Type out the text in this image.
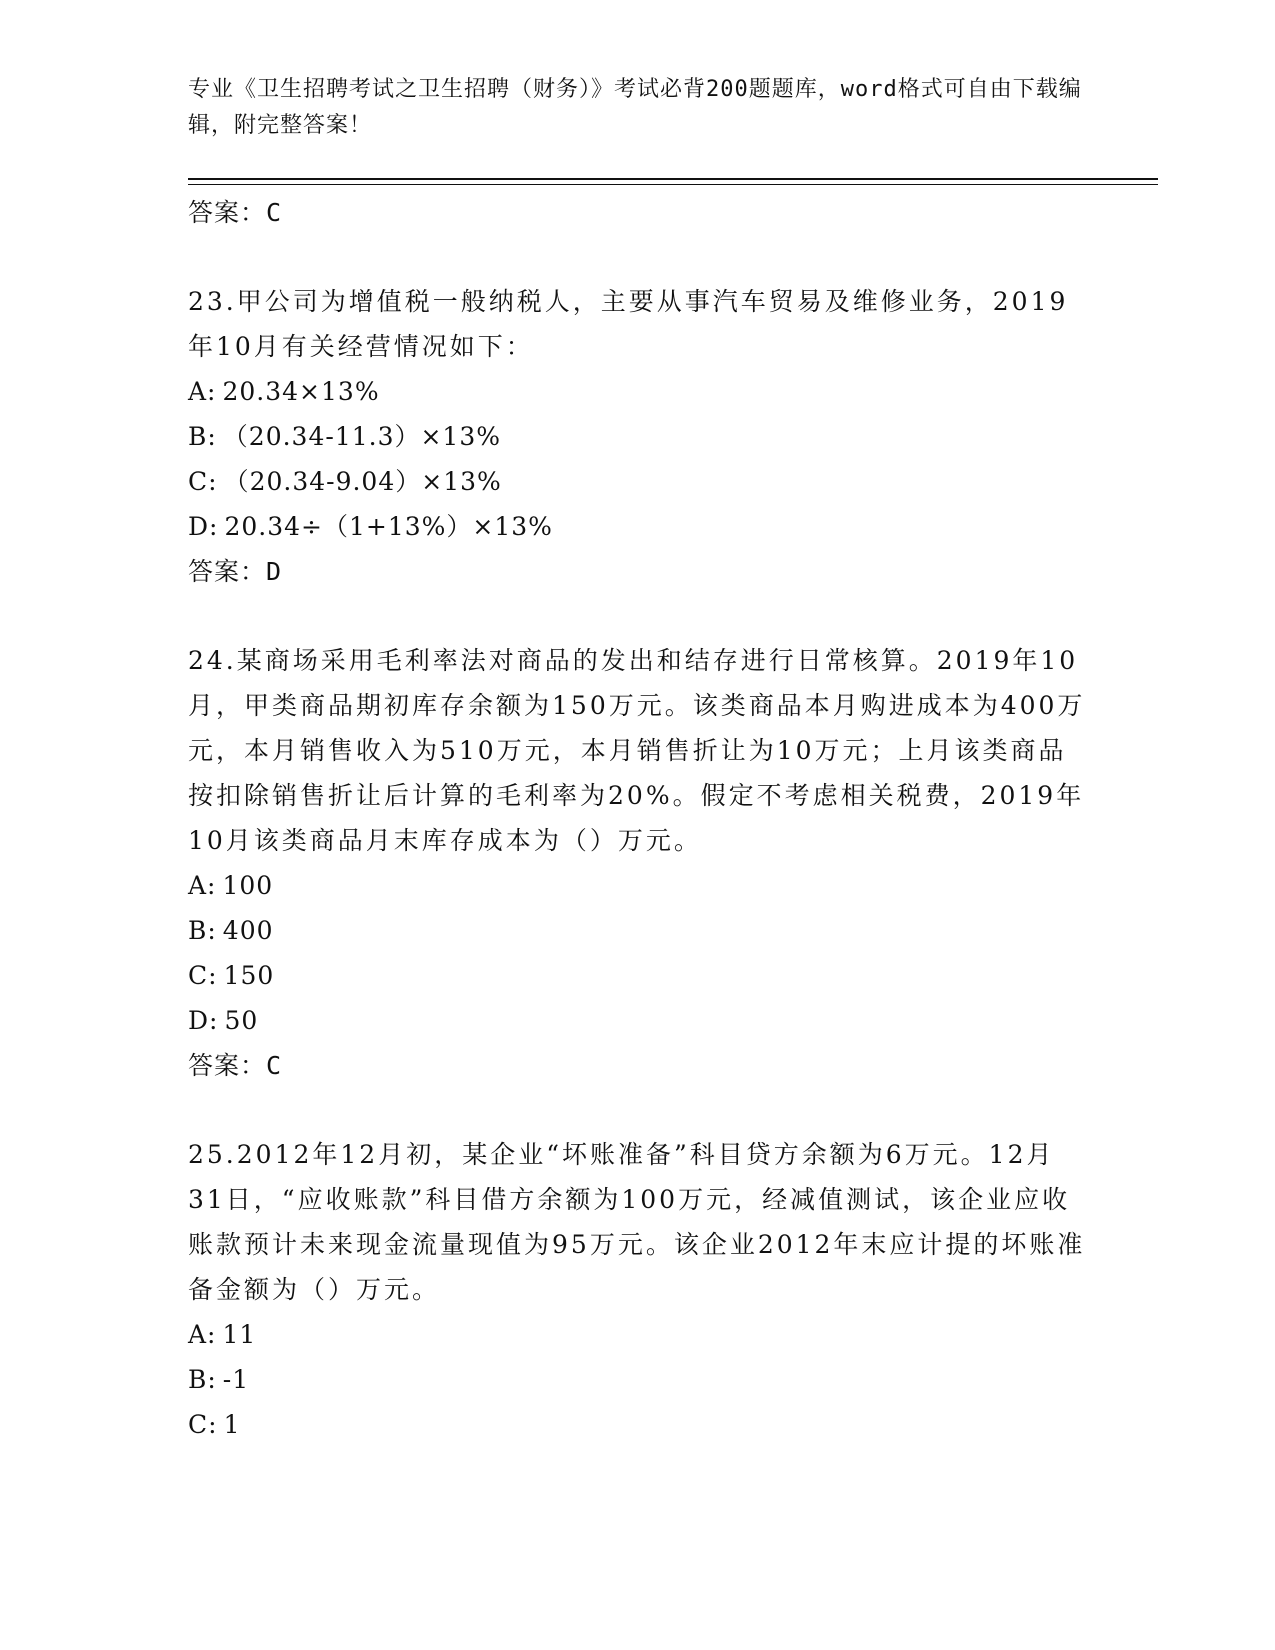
专业《卫生招聘考试之卫生招聘（财务）》考试必背200题题库，word格式可自由下载编辑，附完整答案！
答案：C

23.甲公司为增值税一般纳税人，主要从事汽车贸易及维修业务，2019年10月有关经营情况如下：

A: 20.34×13%
B: （20.34-11.3）×13%
C: （20.34-9.04）×13%
D: 20.34÷（1+13%）×13%
答案：D

24.某商场采用毛利率法对商品的发出和结存进行日常核算。2019年10月，甲类商品期初库存余额为150万元。该类商品本月购进成本为400万元，本月销售收入为510万元，本月销售折让为10万元；上月该类商品按扣除销售折让后计算的毛利率为20%。假定不考虑相关税费，2019年10月该类商品月末库存成本为（）万元。

A: 100
B: 400
C: 150
D: 50
答案：C

25.2012年12月初，某企业“坏账准备”科目贷方余额为6万元。12月31日，“应收账款”科目借方余额为100万元，经减值测试，该企业应收账款预计未来现金流量现值为95万元。该企业2012年末应计提的坏账准备金额为（）万元。

A: 11
B: -1
C: 1
